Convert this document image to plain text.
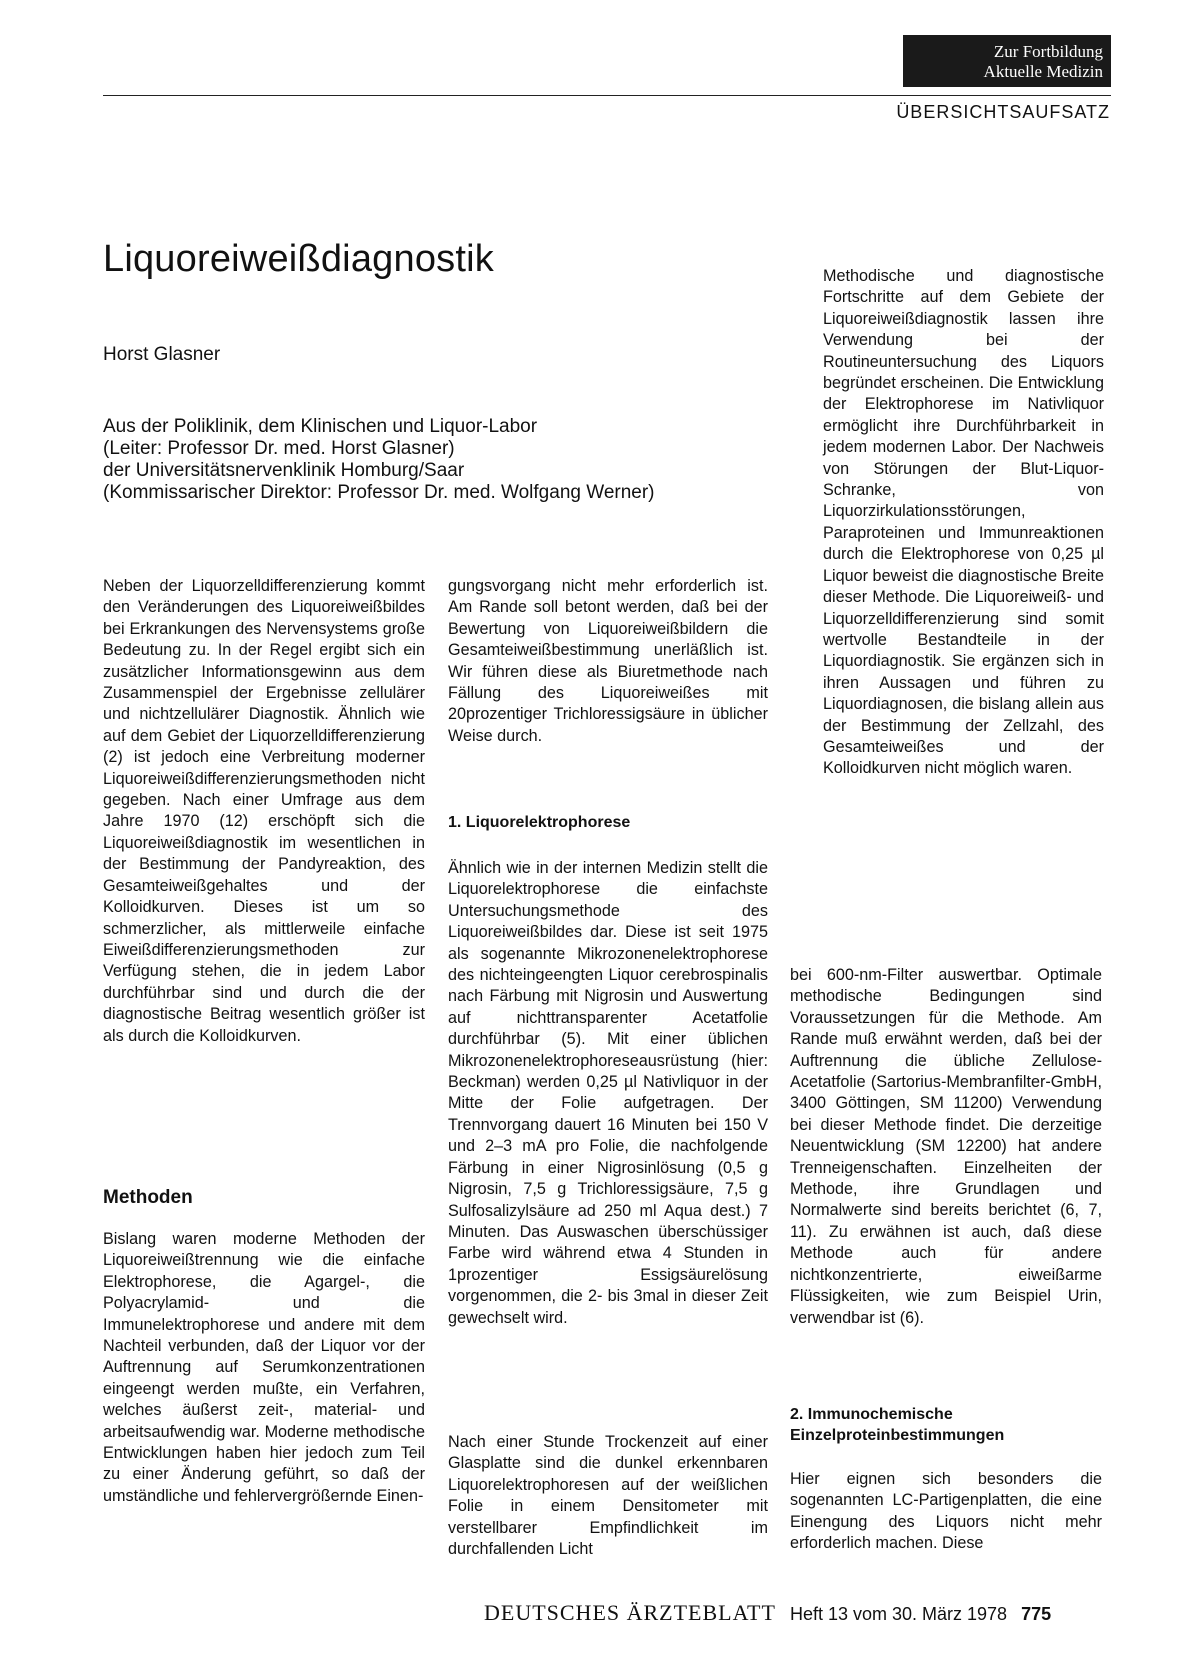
Zur Fortbildung
Aktuelle Medizin
ÜBERSICHTSAUFSATZ
Liquoreiweißdiagnostik
Horst Glasner
Aus der Poliklinik, dem Klinischen und Liquor-Labor
(Leiter: Professor Dr. med. Horst Glasner)
der Universitätsnervenklinik Homburg/Saar
(Kommissarischer Direktor: Professor Dr. med. Wolfgang Werner)

Methodische und diagnostische Fortschritte auf dem Gebiete der Liquoreiweißdiagnostik lassen ihre Verwendung bei der Routineuntersuchung des Liquors begründet erscheinen. Die Entwicklung der Elektrophorese im Nativliquor ermöglicht ihre Durchführbarkeit in jedem modernen Labor. Der Nachweis von Störungen der Blut-Liquor-Schranke, von Liquorzirkulationsstörungen, Paraproteinen und Immunreaktionen durch die Elektrophorese von 0,25 µl Liquor beweist die diagnostische Breite dieser Methode. Die Liquoreiweiß- und Liquorzelldifferenzierung sind somit wertvolle Bestandteile in der Liquordiagnostik. Sie ergänzen sich in ihren Aussagen und führen zu Liquordiagnosen, die bislang allein aus der Bestimmung der Zellzahl, des Gesamteiweißes und der Kolloidkurven nicht möglich waren.

Neben der Liquorzelldifferenzierung kommt den Veränderungen des Liquoreiweißbildes bei Erkrankungen des Nervensystems große Bedeutung zu. In der Regel ergibt sich ein zusätzlicher Informationsgewinn aus dem Zusammenspiel der Ergebnisse zellulärer und nichtzellulärer Diagnostik. Ähnlich wie auf dem Gebiet der Liquorzelldifferenzierung (2) ist jedoch eine Verbreitung moderner Liquoreiweißdifferenzierungsmethoden nicht gegeben. Nach einer Umfrage aus dem Jahre 1970 (12) erschöpft sich die Liquoreiweißdiagnostik im wesentlichen in der Bestimmung der Pandyreaktion, des Gesamteiweißgehaltes und der Kolloidkurven. Dieses ist um so schmerzlicher, als mittlerweile einfache Eiweißdifferenzierungsmethoden zur Verfügung stehen, die in jedem Labor durchführbar sind und durch die der diagnostische Beitrag wesentlich größer ist als durch die Kolloidkurven.

Methoden

Bislang waren moderne Methoden der Liquoreiweißtrennung wie die einfache Elektrophorese, die Agargel-, die Polyacrylamid- und die Immunelektrophorese und andere mit dem Nachteil verbunden, daß der Liquor vor der Auftrennung auf Serumkonzentrationen eingeengt werden mußte, ein Verfahren, welches äußerst zeit-, material- und arbeitsaufwendig war. Moderne methodische Entwicklungen haben hier jedoch zum Teil zu einer Änderung geführt, so daß der umständliche und fehlervergrößernde Einen-

gungsvorgang nicht mehr erforderlich ist. Am Rande soll betont werden, daß bei der Bewertung von Liquoreiweißbildern die Gesamteiweißbestimmung unerläßlich ist. Wir führen diese als Biuretmethode nach Fällung des Liquoreiweißes mit 20prozentiger Trichloressigsäure in üblicher Weise durch.

1. Liquorelektrophorese

Ähnlich wie in der internen Medizin stellt die Liquorelektrophorese die einfachste Untersuchungsmethode des Liquoreiweißbildes dar. Diese ist seit 1975 als sogenannte Mikrozonenelektrophorese des nichteingeengten Liquor cerebrospinalis nach Färbung mit Nigrosin und Auswertung auf nichttransparenter Acetatfolie durchführbar (5). Mit einer üblichen Mikrozonenelektrophoreseausrüstung (hier: Beckman) werden 0,25 µl Nativliquor in der Mitte der Folie aufgetragen. Der Trennvorgang dauert 16 Minuten bei 150 V und 2–3 mA pro Folie, die nachfolgende Färbung in einer Nigrosinlösung (0,5 g Nigrosin, 7,5 g Trichloressigsäure, 7,5 g Sulfosalizylsäure ad 250 ml Aqua dest.) 7 Minuten. Das Auswaschen überschüssiger Farbe wird während etwa 4 Stunden in 1prozentiger Essigsäurelösung vorgenommen, die 2- bis 3mal in dieser Zeit gewechselt wird.

Nach einer Stunde Trockenzeit auf einer Glasplatte sind die dunkel erkennbaren Liquorelektrophoresen auf der weißlichen Folie in einem Densitometer mit verstellbarer Empfindlichkeit im durchfallenden Licht

bei 600-nm-Filter auswertbar. Optimale methodische Bedingungen sind Voraussetzungen für die Methode. Am Rande muß erwähnt werden, daß bei der Auftrennung die übliche Zellulose-Acetatfolie (Sartorius-Membranfilter-GmbH, 3400 Göttingen, SM 11200) Verwendung bei dieser Methode findet. Die derzeitige Neuentwicklung (SM 12200) hat andere Trenneigenschaften. Einzelheiten der Methode, ihre Grundlagen und Normalwerte sind bereits berichtet (6, 7, 11). Zu erwähnen ist auch, daß diese Methode auch für andere nichtkonzentrierte, eiweißarme Flüssigkeiten, wie zum Beispiel Urin, verwendbar ist (6).

2. Immunochemische
Einzelproteinbestimmungen

Hier eignen sich besonders die sogenannten LC-Partigenplatten, die eine Einengung des Liquors nicht mehr erforderlich machen. Diese

DEUTSCHES ÄRZTEBLATT Heft 13 vom 30. März 1978 775
